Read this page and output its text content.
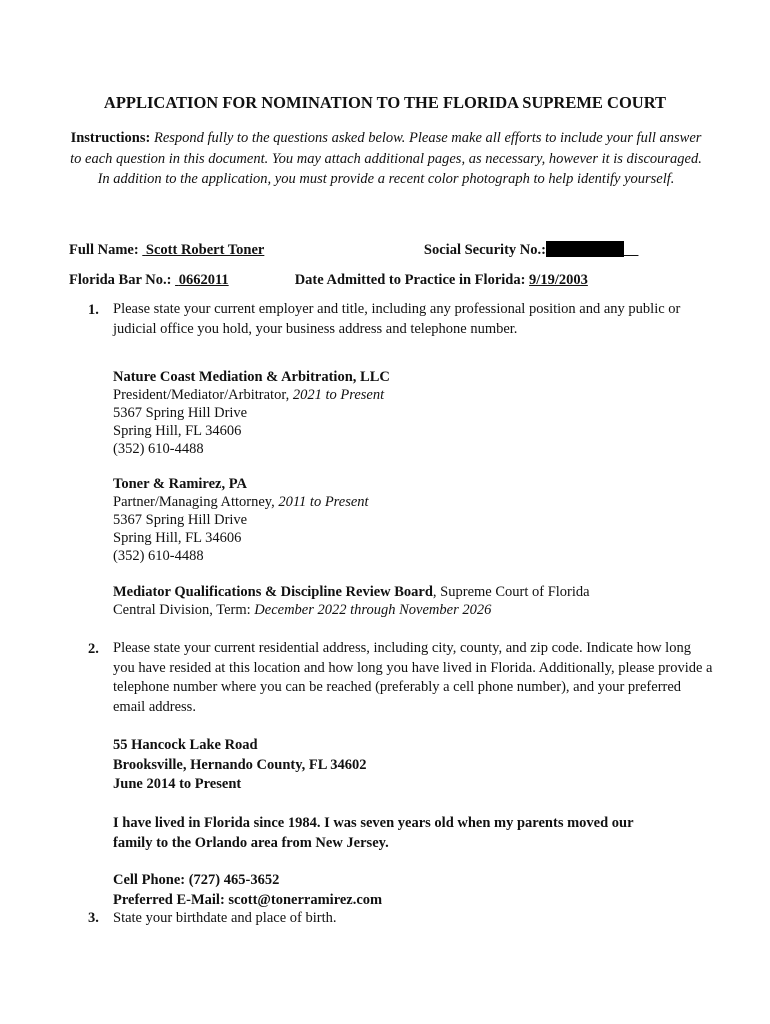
APPLICATION FOR NOMINATION TO THE FLORIDA SUPREME COURT
Instructions: Respond fully to the questions asked below. Please make all efforts to include your full answer to each question in this document. You may attach additional pages, as necessary, however it is discouraged. In addition to the application, you must provide a recent color photograph to help identify yourself.
Full Name: Scott Robert Toner	Social Security No.:
Florida Bar No.: 0662011	Date Admitted to Practice in Florida: 9/19/2003
1. Please state your current employer and title, including any professional position and any public or judicial office you hold, your business address and telephone number.
Nature Coast Mediation & Arbitration, LLC
President/Mediator/Arbitrator, 2021 to Present
5367 Spring Hill Drive
Spring Hill, FL 34606
(352) 610-4488
Toner & Ramirez, PA
Partner/Managing Attorney, 2011 to Present
5367 Spring Hill Drive
Spring Hill, FL 34606
(352) 610-4488
Mediator Qualifications & Discipline Review Board, Supreme Court of Florida
Central Division, Term: December 2022 through November 2026
2. Please state your current residential address, including city, county, and zip code. Indicate how long you have resided at this location and how long you have lived in Florida. Additionally, please provide a telephone number where you can be reached (preferably a cell phone number), and your preferred email address.
55 Hancock Lake Road
Brooksville, Hernando County, FL 34602
June 2014 to Present
I have lived in Florida since 1984. I was seven years old when my parents moved our family to the Orlando area from New Jersey.
Cell Phone: (727) 465-3652
Preferred E-Mail: scott@tonerramirez.com
3. State your birthdate and place of birth.
